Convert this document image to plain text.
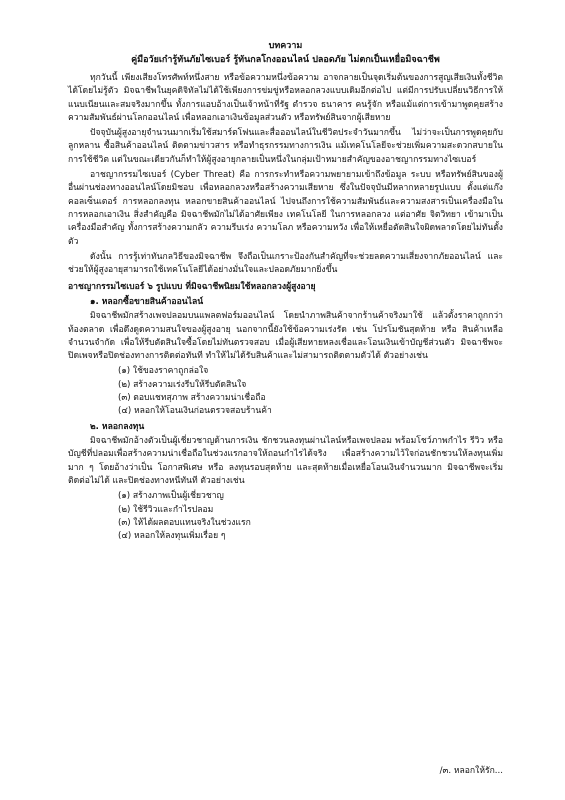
บทความ
คู่มือวัยเก๋ารู้ทันภัยไซเบอร์ รู้ทันกลโกงออนไลน์ ปลอดภัย ไม่ตกเป็นเหยื่อมิจฉาชีพ

ทุกวันนี้ เพียงเสียงโทรศัพท์หนึ่งสาย หรือข้อความหนึ่งข้อความ อาจกลายเป็นจุดเริ่มต้นของการสูญเสียเงินทั้งชีวิตได้โดยไม่รู้ตัว มิจฉาชีพในยุคดิจิทัลไม่ได้ใช้เพียงการข่มขู่หรือหลอกลวงแบบเดิมอีกต่อไป แต่มีการปรับเปลี่ยนวิธีการให้แนบเนียนและสมจริงมากขึ้น ทั้งการแอบอ้างเป็นเจ้าหน้าที่รัฐ ตำรวจ ธนาคาร คนรู้จัก หรือแม้แต่การเข้ามาพูดคุยสร้างความสัมพันธ์ผ่านโลกออนไลน์ เพื่อหลอกเอาเงินข้อมูลส่วนตัว หรือทรัพย์สินจากผู้เสียหาย

ปัจจุบันผู้สูงอายุจำนวนมากเริ่มใช้สมาร์ตโฟนและสื่อออนไลน์ในชีวิตประจำวันมากขึ้น ไม่ว่าจะเป็นการพูดคุยกับลูกหลาน ซื้อสินค้าออนไลน์ ติดตามข่าวสาร หรือทำธุรกรรมทางการเงิน แม้เทคโนโลยีจะช่วยเพิ่มความสะดวกสบายในการใช้ชีวิต แต่ในขณะเดียวกันก็ทำให้ผู้สูงอายุกลายเป็นหนึ่งในกลุ่มเป้าหมายสำคัญของอาชญากรรมทางไซเบอร์

อาชญากรรมไซเบอร์ (Cyber Threat) คือ การกระทำหรือความพยายามเข้าถึงข้อมูล ระบบ หรือทรัพย์สินของผู้อื่นผ่านช่องทางออนไลน์โดยมิชอบ เพื่อหลอกลวงหรือสร้างความเสียหาย ซึ่งในปัจจุบันมีหลากหลายรูปแบบ ตั้งแต่แก๊งคอลเซ็นเตอร์ การหลอกลงทุน หลอกขายสินค้าออนไลน์ ไปจนถึงการใช้ความสัมพันธ์และความสงสารเป็นเครื่องมือในการหลอกเอาเงิน สิ่งสำคัญคือ มิจฉาชีพมักไม่ได้อาศัยเพียง เทคโนโลยี ในการหลอกลวง แต่อาศัย จิตวิทยา เข้ามาเป็นเครื่องมือสำคัญ ทั้งการสร้างความกลัว ความรีบเร่ง ความโลภ หรือความหวัง เพื่อให้เหยื่อตัดสินใจผิดพลาดโดยไม่ทันตั้งตัว

ดังนั้น การรู้เท่าทันกลวิธีของมิจฉาชีพ จึงถือเป็นเกราะป้องกันสำคัญที่จะช่วยลดความเสี่ยงจากภัยออนไลน์ และช่วยให้ผู้สูงอายุสามารถใช้เทคโนโลยีได้อย่างมั่นใจและปลอดภัยมากยิ่งขึ้น

อาชญากรรมไซเบอร์ ๖ รูปแบบ ที่มิจฉาชีพนิยมใช้หลอกลวงผู้สูงอายุ
๑. หลอกซื้อขายสินค้าออนไลน์

มิจฉาชีพมักสร้างเพจปลอมบนแพลตฟอร์มออนไลน์ โดยนำภาพสินค้าจากร้านค้าจริงมาใช้ แล้วตั้งราคาถูกกว่าท้องตลาด เพื่อดึงดูดความสนใจของผู้สูงอายุ นอกจากนี้ยังใช้ข้อความเร่งรัด เช่น โปรโมชันสุดท้าย หรือ สินค้าเหลือจำนวนจำกัด เพื่อให้รีบตัดสินใจซื้อโดยไม่ทันตรวจสอบ เมื่อผู้เสียหายหลงเชื่อและโอนเงินเข้าบัญชีส่วนตัว มิจฉาชีพจะปิดเพจหรือปิดช่องทางการติดต่อทันที ทำให้ไม่ได้รับสินค้าและไม่สามารถติดตามตัวได้ ตัวอย่างเช่น

(๑) ใช้ของราคาถูกล่อใจ
(๒) สร้างความเร่งรีบให้รีบตัดสินใจ
(๓) ตอบแชทสุภาพ สร้างความน่าเชื่อถือ
(๔) หลอกให้โอนเงินก่อนตรวจสอบร้านค้า
๒. หลอกลงทุน

มิจฉาชีพมักอ้างตัวเป็นผู้เชี่ยวชาญด้านการเงิน ชักชวนลงทุนผ่านไลน์หรือเพจปลอม พร้อมโชว์ภาพกำไร รีวิว หรือบัญชีที่ปลอมเพื่อสร้างความน่าเชื่อถือในช่วงแรกอาจให้ถอนกำไรได้จริง เพื่อสร้างความไว้ใจก่อนชักชวนให้ลงทุนเพิ่มมาก ๆ โดยอ้างว่าเป็น โอกาสพิเศษ หรือ ลงทุนรอบสุดท้าย และสุดท้ายเมื่อเหยื่อโอนเงินจำนวนมาก มิจฉาชีพจะเริ่มติดต่อไม่ได้ และปิดช่องทางหนีทันที ตัวอย่างเช่น

(๑) สร้างภาพเป็นผู้เชี่ยวชาญ
(๒) ใช้รีวิวและกำไรปลอม
(๓) ให้ได้ผลตอบแทนจริงในช่วงแรก
(๔) หลอกให้ลงทุนเพิ่มเรื่อย ๆ
/๓. หลอกให้รัก...
